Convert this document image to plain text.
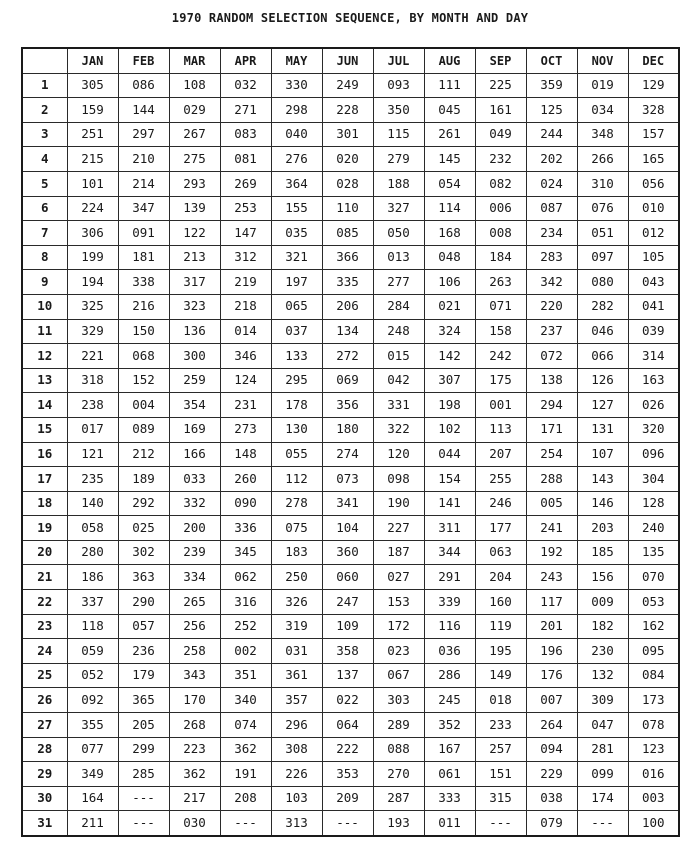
1970 RANDOM SELECTION SEQUENCE, BY MONTH AND DAY
	JAN	FEB	MAR	APR	MAY	JUN	JUL	AUG	SEP	OCT	NOV	DEC
1	305	086	108	032	330	249	093	111	225	359	019	129
2	159	144	029	271	298	228	350	045	161	125	034	328
3	251	297	267	083	040	301	115	261	049	244	348	157
4	215	210	275	081	276	020	279	145	232	202	266	165
5	101	214	293	269	364	028	188	054	082	024	310	056
6	224	347	139	253	155	110	327	114	006	087	076	010
7	306	091	122	147	035	085	050	168	008	234	051	012
8	199	181	213	312	321	366	013	048	184	283	097	105
9	194	338	317	219	197	335	277	106	263	342	080	043
10	325	216	323	218	065	206	284	021	071	220	282	041
11	329	150	136	014	037	134	248	324	158	237	046	039
12	221	068	300	346	133	272	015	142	242	072	066	314
13	318	152	259	124	295	069	042	307	175	138	126	163
14	238	004	354	231	178	356	331	198	001	294	127	026
15	017	089	169	273	130	180	322	102	113	171	131	320
16	121	212	166	148	055	274	120	044	207	254	107	096
17	235	189	033	260	112	073	098	154	255	288	143	304
18	140	292	332	090	278	341	190	141	246	005	146	128
19	058	025	200	336	075	104	227	311	177	241	203	240
20	280	302	239	345	183	360	187	344	063	192	185	135
21	186	363	334	062	250	060	027	291	204	243	156	070
22	337	290	265	316	326	247	153	339	160	117	009	053
23	118	057	256	252	319	109	172	116	119	201	182	162
24	059	236	258	002	031	358	023	036	195	196	230	095
25	052	179	343	351	361	137	067	286	149	176	132	084
26	092	365	170	340	357	022	303	245	018	007	309	173
27	355	205	268	074	296	064	289	352	233	264	047	078
28	077	299	223	362	308	222	088	167	257	094	281	123
29	349	285	362	191	226	353	270	061	151	229	099	016
30	164	---	217	208	103	209	287	333	315	038	174	003
31	211	---	030	---	313	---	193	011	---	079	---	100
